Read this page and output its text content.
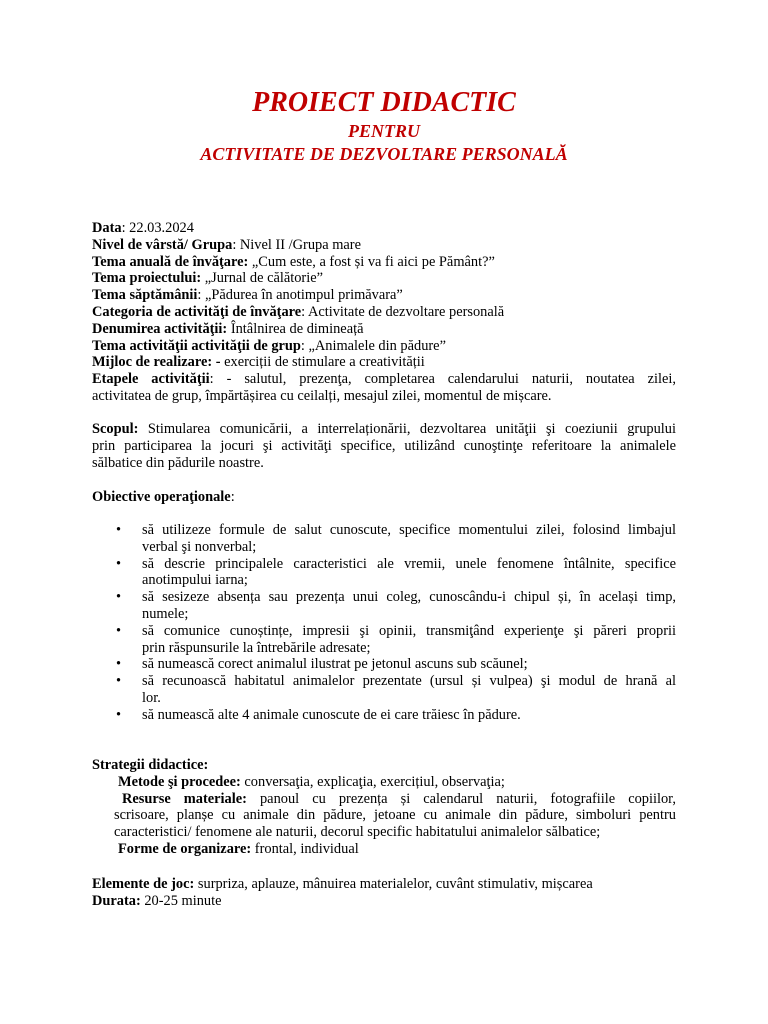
PROIECT DIDACTIC
PENTRU
ACTIVITATE DE DEZVOLTARE PERSONALĂ
Data: 22.03.2024
Nivel de vârstă/ Grupa: Nivel II /Grupa mare
Tema anuală de învăţare: „Cum este, a fost și va fi aici pe Pământ?”
Tema proiectului: „Jurnal de călătorie”
Tema săptămânii: „Pădurea în anotimpul primăvara”
Categoria de activităţi de învăţare: Activitate de dezvoltare personală
Denumirea activităţii: Întâlnirea de dimineață
Tema activităţii activităţii de grup: „Animalele din pădure”
Mijloc de realizare: - exerciții de stimulare a creativității
Etapele activităţii: - salutul, prezenţa, completarea calendarului naturii, noutatea zilei,
activitatea de grup, împărtășirea cu ceilalți, mesajul zilei, momentul de mișcare.
Scopul: Stimularea comunicării, a interrelaționării, dezvoltarea unităţii şi coeziunii grupului
prin participarea la jocuri şi activităţi specifice, utilizând cunoştinţe referitoare la animalele
sălbatice din pădurile noastre.
Obiective operaţionale:
• să utilizeze formule de salut cunoscute, specifice momentului zilei, folosind limbajul
verbal şi nonverbal;
• să descrie principalele caracteristici ale vremii, unele fenomene întâlnite, specifice
anotimpului iarna;
• să sesizeze absența sau prezența unui coleg, cunoscându-i chipul și, în același timp,
numele;
• să comunice cunoștințe, impresii şi opinii, transmiţând experienţe şi păreri proprii
prin răspunsurile la întrebările adresate;
• să numească corect animalul ilustrat pe jetonul ascuns sub scăunel;
• să recunoască habitatul animalelor prezentate (ursul și vulpea) şi modul de hrană al
lor.
• să numească alte 4 animale cunoscute de ei care trăiesc în pădure.
Strategii didactice:
Metode şi procedee: conversaţia, explicaţia, exercițiul, observaţia;
Resurse materiale: panoul cu prezența și calendarul naturii, fotografiile copiilor,
scrisoare, planșe cu animale din pădure, jetoane cu animale din pădure, simboluri pentru
caracteristici/ fenomene ale naturii, decorul specific habitatului animalelor sălbatice;
Forme de organizare: frontal, individual
Elemente de joc: surpriza, aplauze, mânuirea materialelor, cuvânt stimulativ, mișcarea
Durata: 20-25 minute
